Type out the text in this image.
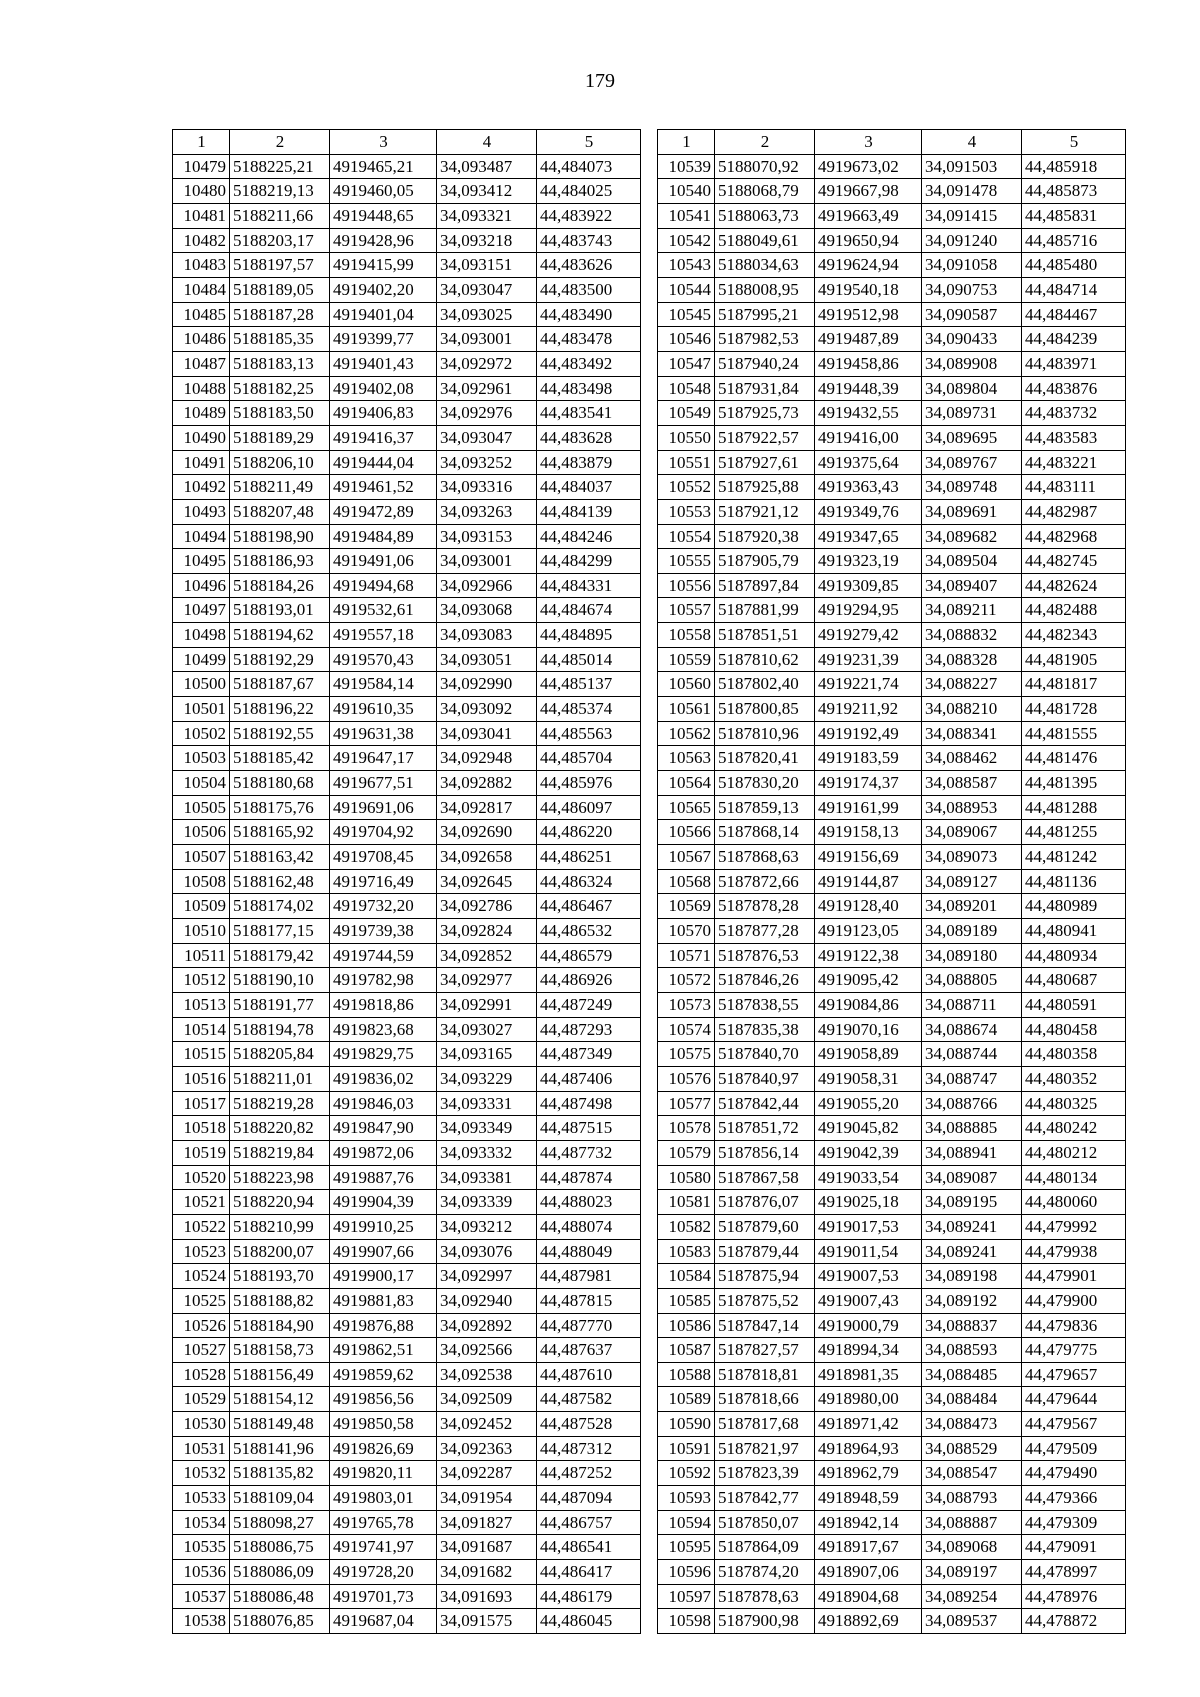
179
1	2	3	4	5
10479	5188225,21	4919465,21	34,093487	44,484073
10480	5188219,13	4919460,05	34,093412	44,484025
10481	5188211,66	4919448,65	34,093321	44,483922
10482	5188203,17	4919428,96	34,093218	44,483743
10483	5188197,57	4919415,99	34,093151	44,483626
10484	5188189,05	4919402,20	34,093047	44,483500
10485	5188187,28	4919401,04	34,093025	44,483490
10486	5188185,35	4919399,77	34,093001	44,483478
10487	5188183,13	4919401,43	34,092972	44,483492
10488	5188182,25	4919402,08	34,092961	44,483498
10489	5188183,50	4919406,83	34,092976	44,483541
10490	5188189,29	4919416,37	34,093047	44,483628
10491	5188206,10	4919444,04	34,093252	44,483879
10492	5188211,49	4919461,52	34,093316	44,484037
10493	5188207,48	4919472,89	34,093263	44,484139
10494	5188198,90	4919484,89	34,093153	44,484246
10495	5188186,93	4919491,06	34,093001	44,484299
10496	5188184,26	4919494,68	34,092966	44,484331
10497	5188193,01	4919532,61	34,093068	44,484674
10498	5188194,62	4919557,18	34,093083	44,484895
10499	5188192,29	4919570,43	34,093051	44,485014
10500	5188187,67	4919584,14	34,092990	44,485137
10501	5188196,22	4919610,35	34,093092	44,485374
10502	5188192,55	4919631,38	34,093041	44,485563
10503	5188185,42	4919647,17	34,092948	44,485704
10504	5188180,68	4919677,51	34,092882	44,485976
10505	5188175,76	4919691,06	34,092817	44,486097
10506	5188165,92	4919704,92	34,092690	44,486220
10507	5188163,42	4919708,45	34,092658	44,486251
10508	5188162,48	4919716,49	34,092645	44,486324
10509	5188174,02	4919732,20	34,092786	44,486467
10510	5188177,15	4919739,38	34,092824	44,486532
10511	5188179,42	4919744,59	34,092852	44,486579
10512	5188190,10	4919782,98	34,092977	44,486926
10513	5188191,77	4919818,86	34,092991	44,487249
10514	5188194,78	4919823,68	34,093027	44,487293
10515	5188205,84	4919829,75	34,093165	44,487349
10516	5188211,01	4919836,02	34,093229	44,487406
10517	5188219,28	4919846,03	34,093331	44,487498
10518	5188220,82	4919847,90	34,093349	44,487515
10519	5188219,84	4919872,06	34,093332	44,487732
10520	5188223,98	4919887,76	34,093381	44,487874
10521	5188220,94	4919904,39	34,093339	44,488023
10522	5188210,99	4919910,25	34,093212	44,488074
10523	5188200,07	4919907,66	34,093076	44,488049
10524	5188193,70	4919900,17	34,092997	44,487981
10525	5188188,82	4919881,83	34,092940	44,487815
10526	5188184,90	4919876,88	34,092892	44,487770
10527	5188158,73	4919862,51	34,092566	44,487637
10528	5188156,49	4919859,62	34,092538	44,487610
10529	5188154,12	4919856,56	34,092509	44,487582
10530	5188149,48	4919850,58	34,092452	44,487528
10531	5188141,96	4919826,69	34,092363	44,487312
10532	5188135,82	4919820,11	34,092287	44,487252
10533	5188109,04	4919803,01	34,091954	44,487094
10534	5188098,27	4919765,78	34,091827	44,486757
10535	5188086,75	4919741,97	34,091687	44,486541
10536	5188086,09	4919728,20	34,091682	44,486417
10537	5188086,48	4919701,73	34,091693	44,486179
10538	5188076,85	4919687,04	34,091575	44,486045
1	2	3	4	5
10539	5188070,92	4919673,02	34,091503	44,485918
10540	5188068,79	4919667,98	34,091478	44,485873
10541	5188063,73	4919663,49	34,091415	44,485831
10542	5188049,61	4919650,94	34,091240	44,485716
10543	5188034,63	4919624,94	34,091058	44,485480
10544	5188008,95	4919540,18	34,090753	44,484714
10545	5187995,21	4919512,98	34,090587	44,484467
10546	5187982,53	4919487,89	34,090433	44,484239
10547	5187940,24	4919458,86	34,089908	44,483971
10548	5187931,84	4919448,39	34,089804	44,483876
10549	5187925,73	4919432,55	34,089731	44,483732
10550	5187922,57	4919416,00	34,089695	44,483583
10551	5187927,61	4919375,64	34,089767	44,483221
10552	5187925,88	4919363,43	34,089748	44,483111
10553	5187921,12	4919349,76	34,089691	44,482987
10554	5187920,38	4919347,65	34,089682	44,482968
10555	5187905,79	4919323,19	34,089504	44,482745
10556	5187897,84	4919309,85	34,089407	44,482624
10557	5187881,99	4919294,95	34,089211	44,482488
10558	5187851,51	4919279,42	34,088832	44,482343
10559	5187810,62	4919231,39	34,088328	44,481905
10560	5187802,40	4919221,74	34,088227	44,481817
10561	5187800,85	4919211,92	34,088210	44,481728
10562	5187810,96	4919192,49	34,088341	44,481555
10563	5187820,41	4919183,59	34,088462	44,481476
10564	5187830,20	4919174,37	34,088587	44,481395
10565	5187859,13	4919161,99	34,088953	44,481288
10566	5187868,14	4919158,13	34,089067	44,481255
10567	5187868,63	4919156,69	34,089073	44,481242
10568	5187872,66	4919144,87	34,089127	44,481136
10569	5187878,28	4919128,40	34,089201	44,480989
10570	5187877,28	4919123,05	34,089189	44,480941
10571	5187876,53	4919122,38	34,089180	44,480934
10572	5187846,26	4919095,42	34,088805	44,480687
10573	5187838,55	4919084,86	34,088711	44,480591
10574	5187835,38	4919070,16	34,088674	44,480458
10575	5187840,70	4919058,89	34,088744	44,480358
10576	5187840,97	4919058,31	34,088747	44,480352
10577	5187842,44	4919055,20	34,088766	44,480325
10578	5187851,72	4919045,82	34,088885	44,480242
10579	5187856,14	4919042,39	34,088941	44,480212
10580	5187867,58	4919033,54	34,089087	44,480134
10581	5187876,07	4919025,18	34,089195	44,480060
10582	5187879,60	4919017,53	34,089241	44,479992
10583	5187879,44	4919011,54	34,089241	44,479938
10584	5187875,94	4919007,53	34,089198	44,479901
10585	5187875,52	4919007,43	34,089192	44,479900
10586	5187847,14	4919000,79	34,088837	44,479836
10587	5187827,57	4918994,34	34,088593	44,479775
10588	5187818,81	4918981,35	34,088485	44,479657
10589	5187818,66	4918980,00	34,088484	44,479644
10590	5187817,68	4918971,42	34,088473	44,479567
10591	5187821,97	4918964,93	34,088529	44,479509
10592	5187823,39	4918962,79	34,088547	44,479490
10593	5187842,77	4918948,59	34,088793	44,479366
10594	5187850,07	4918942,14	34,088887	44,479309
10595	5187864,09	4918917,67	34,089068	44,479091
10596	5187874,20	4918907,06	34,089197	44,478997
10597	5187878,63	4918904,68	34,089254	44,478976
10598	5187900,98	4918892,69	34,089537	44,478872
